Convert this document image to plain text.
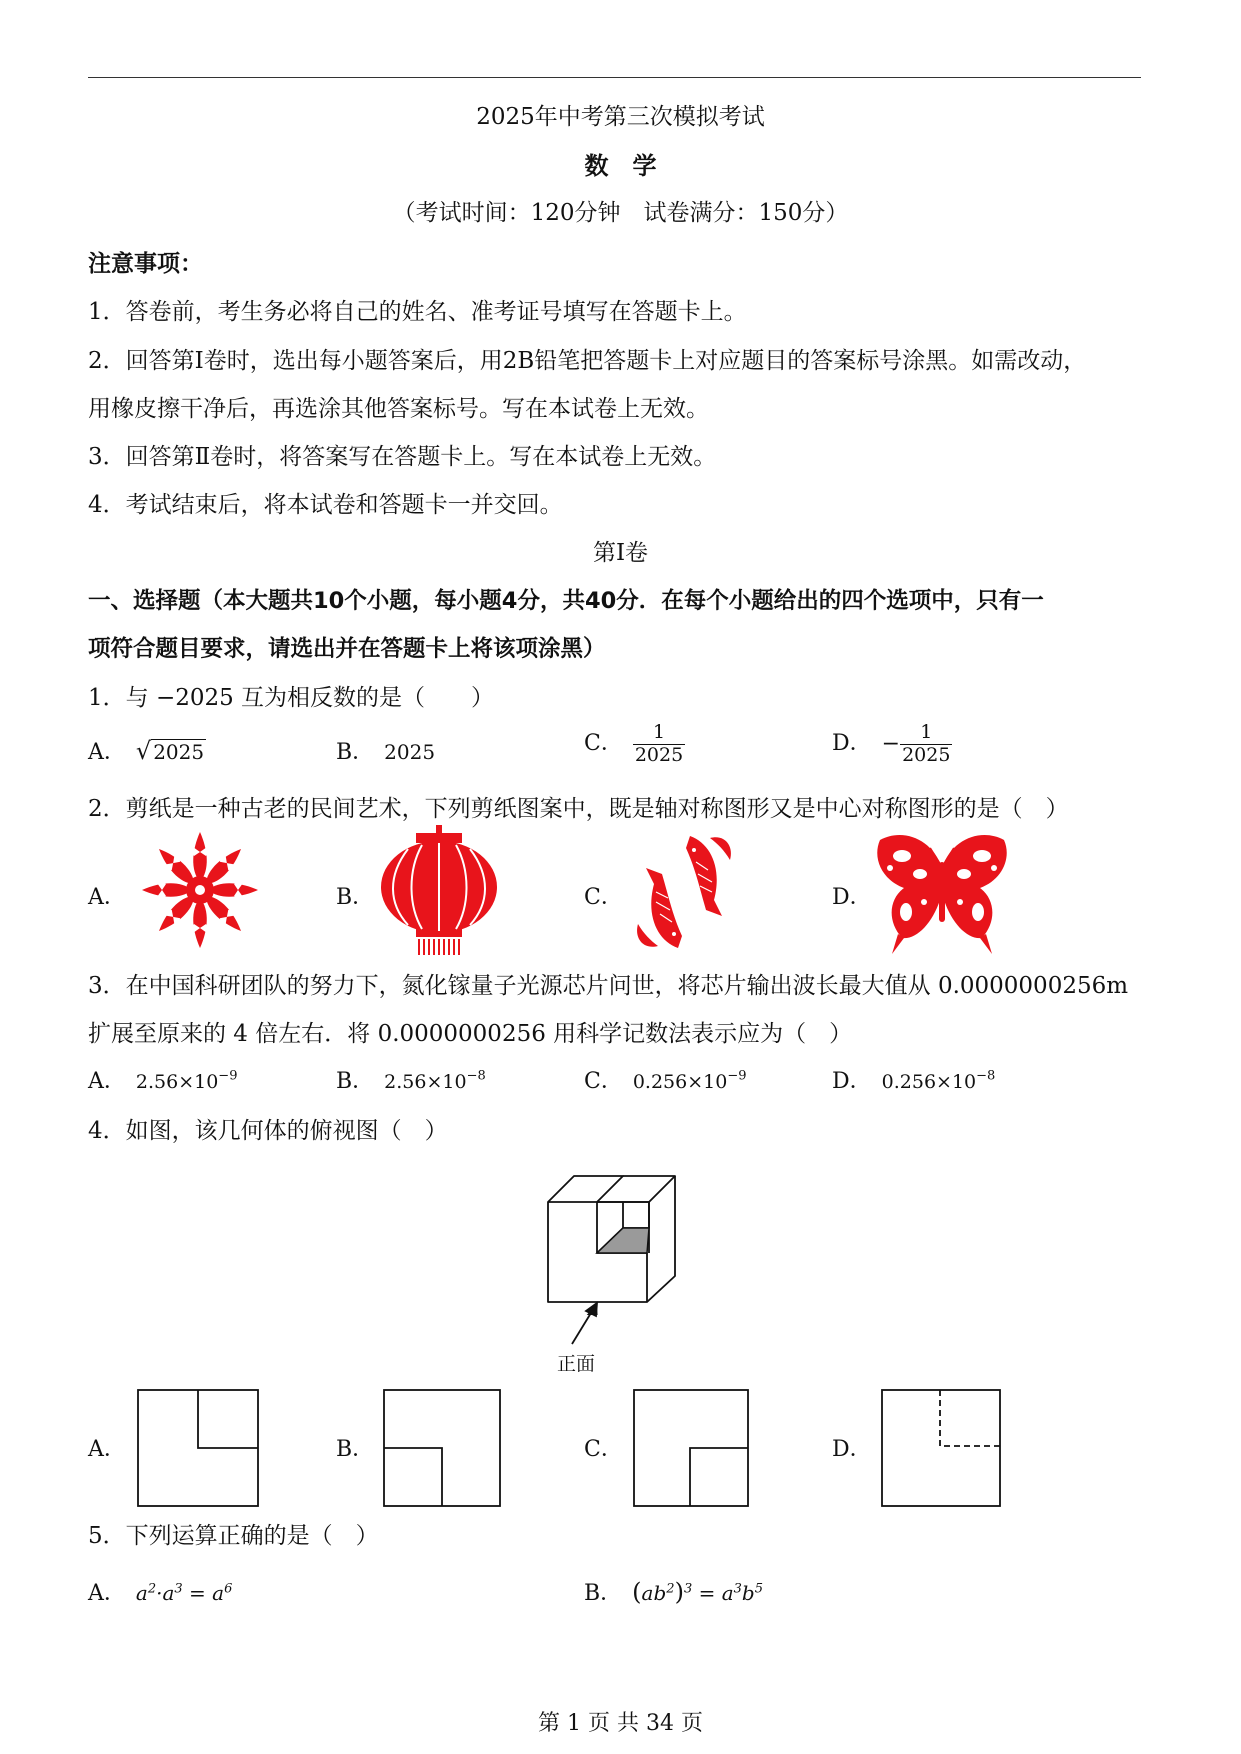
2025年中考第三次模拟考试
数　学
（考试时间：120分钟　试卷满分：150分）
注意事项：
1．答卷前，考生务必将自己的姓名、准考证号填写在答题卡上。
2．回答第Ⅰ卷时，选出每小题答案后，用2B铅笔把答题卡上对应题目的答案标号涂黑。如需改动，
用橡皮擦干净后，再选涂其他答案标号。写在本试卷上无效。
3．回答第Ⅱ卷时，将答案写在答题卡上。写在本试卷上无效。
4．考试结束后，将本试卷和答题卡一并交回。
第Ⅰ卷
一、选择题（本大题共10个小题，每小题4分，共40分．在每个小题给出的四个选项中，只有一
项符合题目要求，请选出并在答题卡上将该项涂黑）
1．与 −2025 互为相反数的是（　　）
A． √ 2025	B． 2025	C． $\frac{1}{2025}$	D． − $\frac{1}{2025}$
2．剪纸是一种古老的民间艺术，下列剪纸图案中，既是轴对称图形又是中心对称图形的是（　）
A．	B．	C．	D．
3．在中国科研团队的努力下，氮化镓量子光源芯片问世，将芯片输出波长最大值从 0.0000000256m
扩展至原来的 4 倍左右．将 0.0000000256 用科学记数法表示应为（　）
A． $2.56\times 10^{-9}$	B． $2.56\times 10^{-8}$	C． $0.256\times 10^{-9}$	D． $0.256\times 10^{-8}$
4．如图，该几何体的俯视图（　）
正面
A．	B．	C．	D．
5．下列运算正确的是（　）
A． $a^2\cdot a^3 = a^6$	B． $(ab^2)^3 = a^3b^5$
第 1 页 共 34 页
